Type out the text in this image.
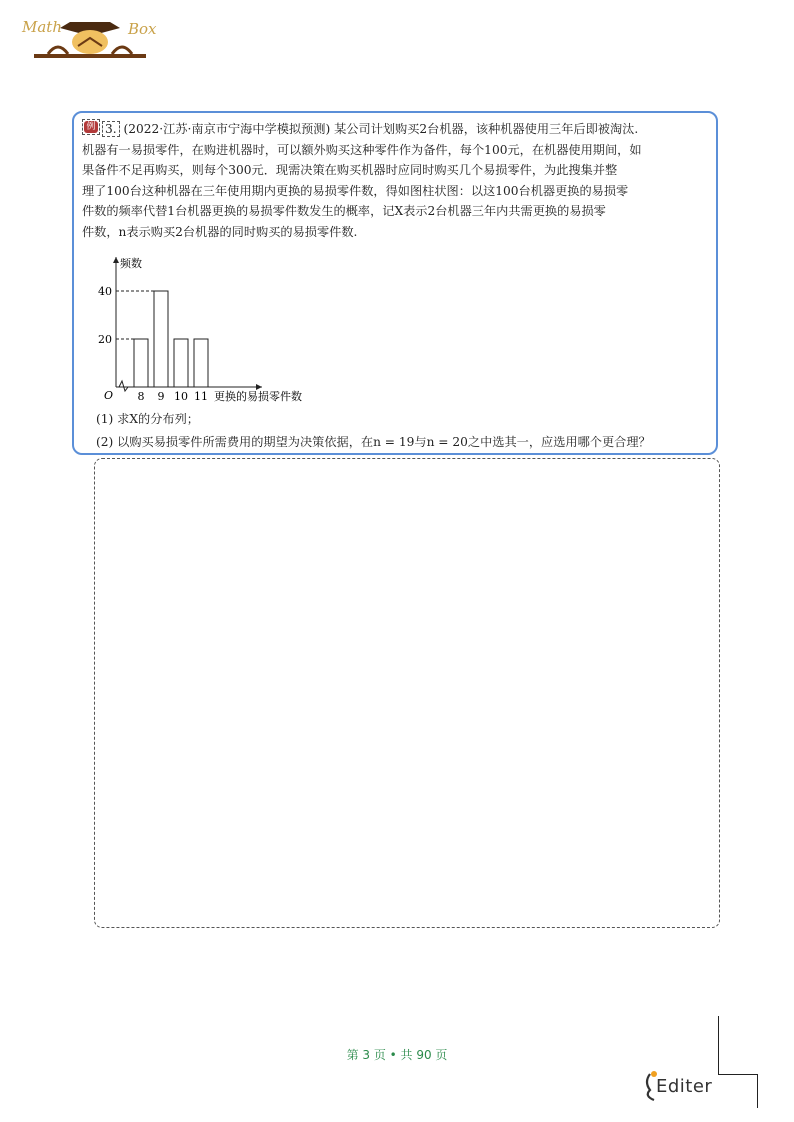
Math	Box
例 3. (2022·江苏·南京市宁海中学模拟预测) 某公司计划购买2台机器，该种机器使用三年后即被淘汰.
机器有一易损零件，在购进机器时，可以额外购买这种零件作为备件，每个100元，在机器使用期间，如
果备件不足再购买，则每个300元．现需决策在购买机器时应同时购买几个易损零件，为此搜集并整
理了100台这种机器在三年使用期内更换的易损零件数，得如图柱状图：以这100台机器更换的易损零
件数的频率代替1台机器更换的易损零件数发生的概率，记X表示2台机器三年内共需更换的易损零
件数，n表示购买2台机器的同时购买的易损零件数.
频数
O
20
40
8 9 10 11 更换的易损零件数
(1) 求X的分布列；
(2) 以购买易损零件所需费用的期望为决策依据，在n = 19与n = 20之中选其一，应选用哪个更合理？
第 3 页 • 共 90 页
Editer
